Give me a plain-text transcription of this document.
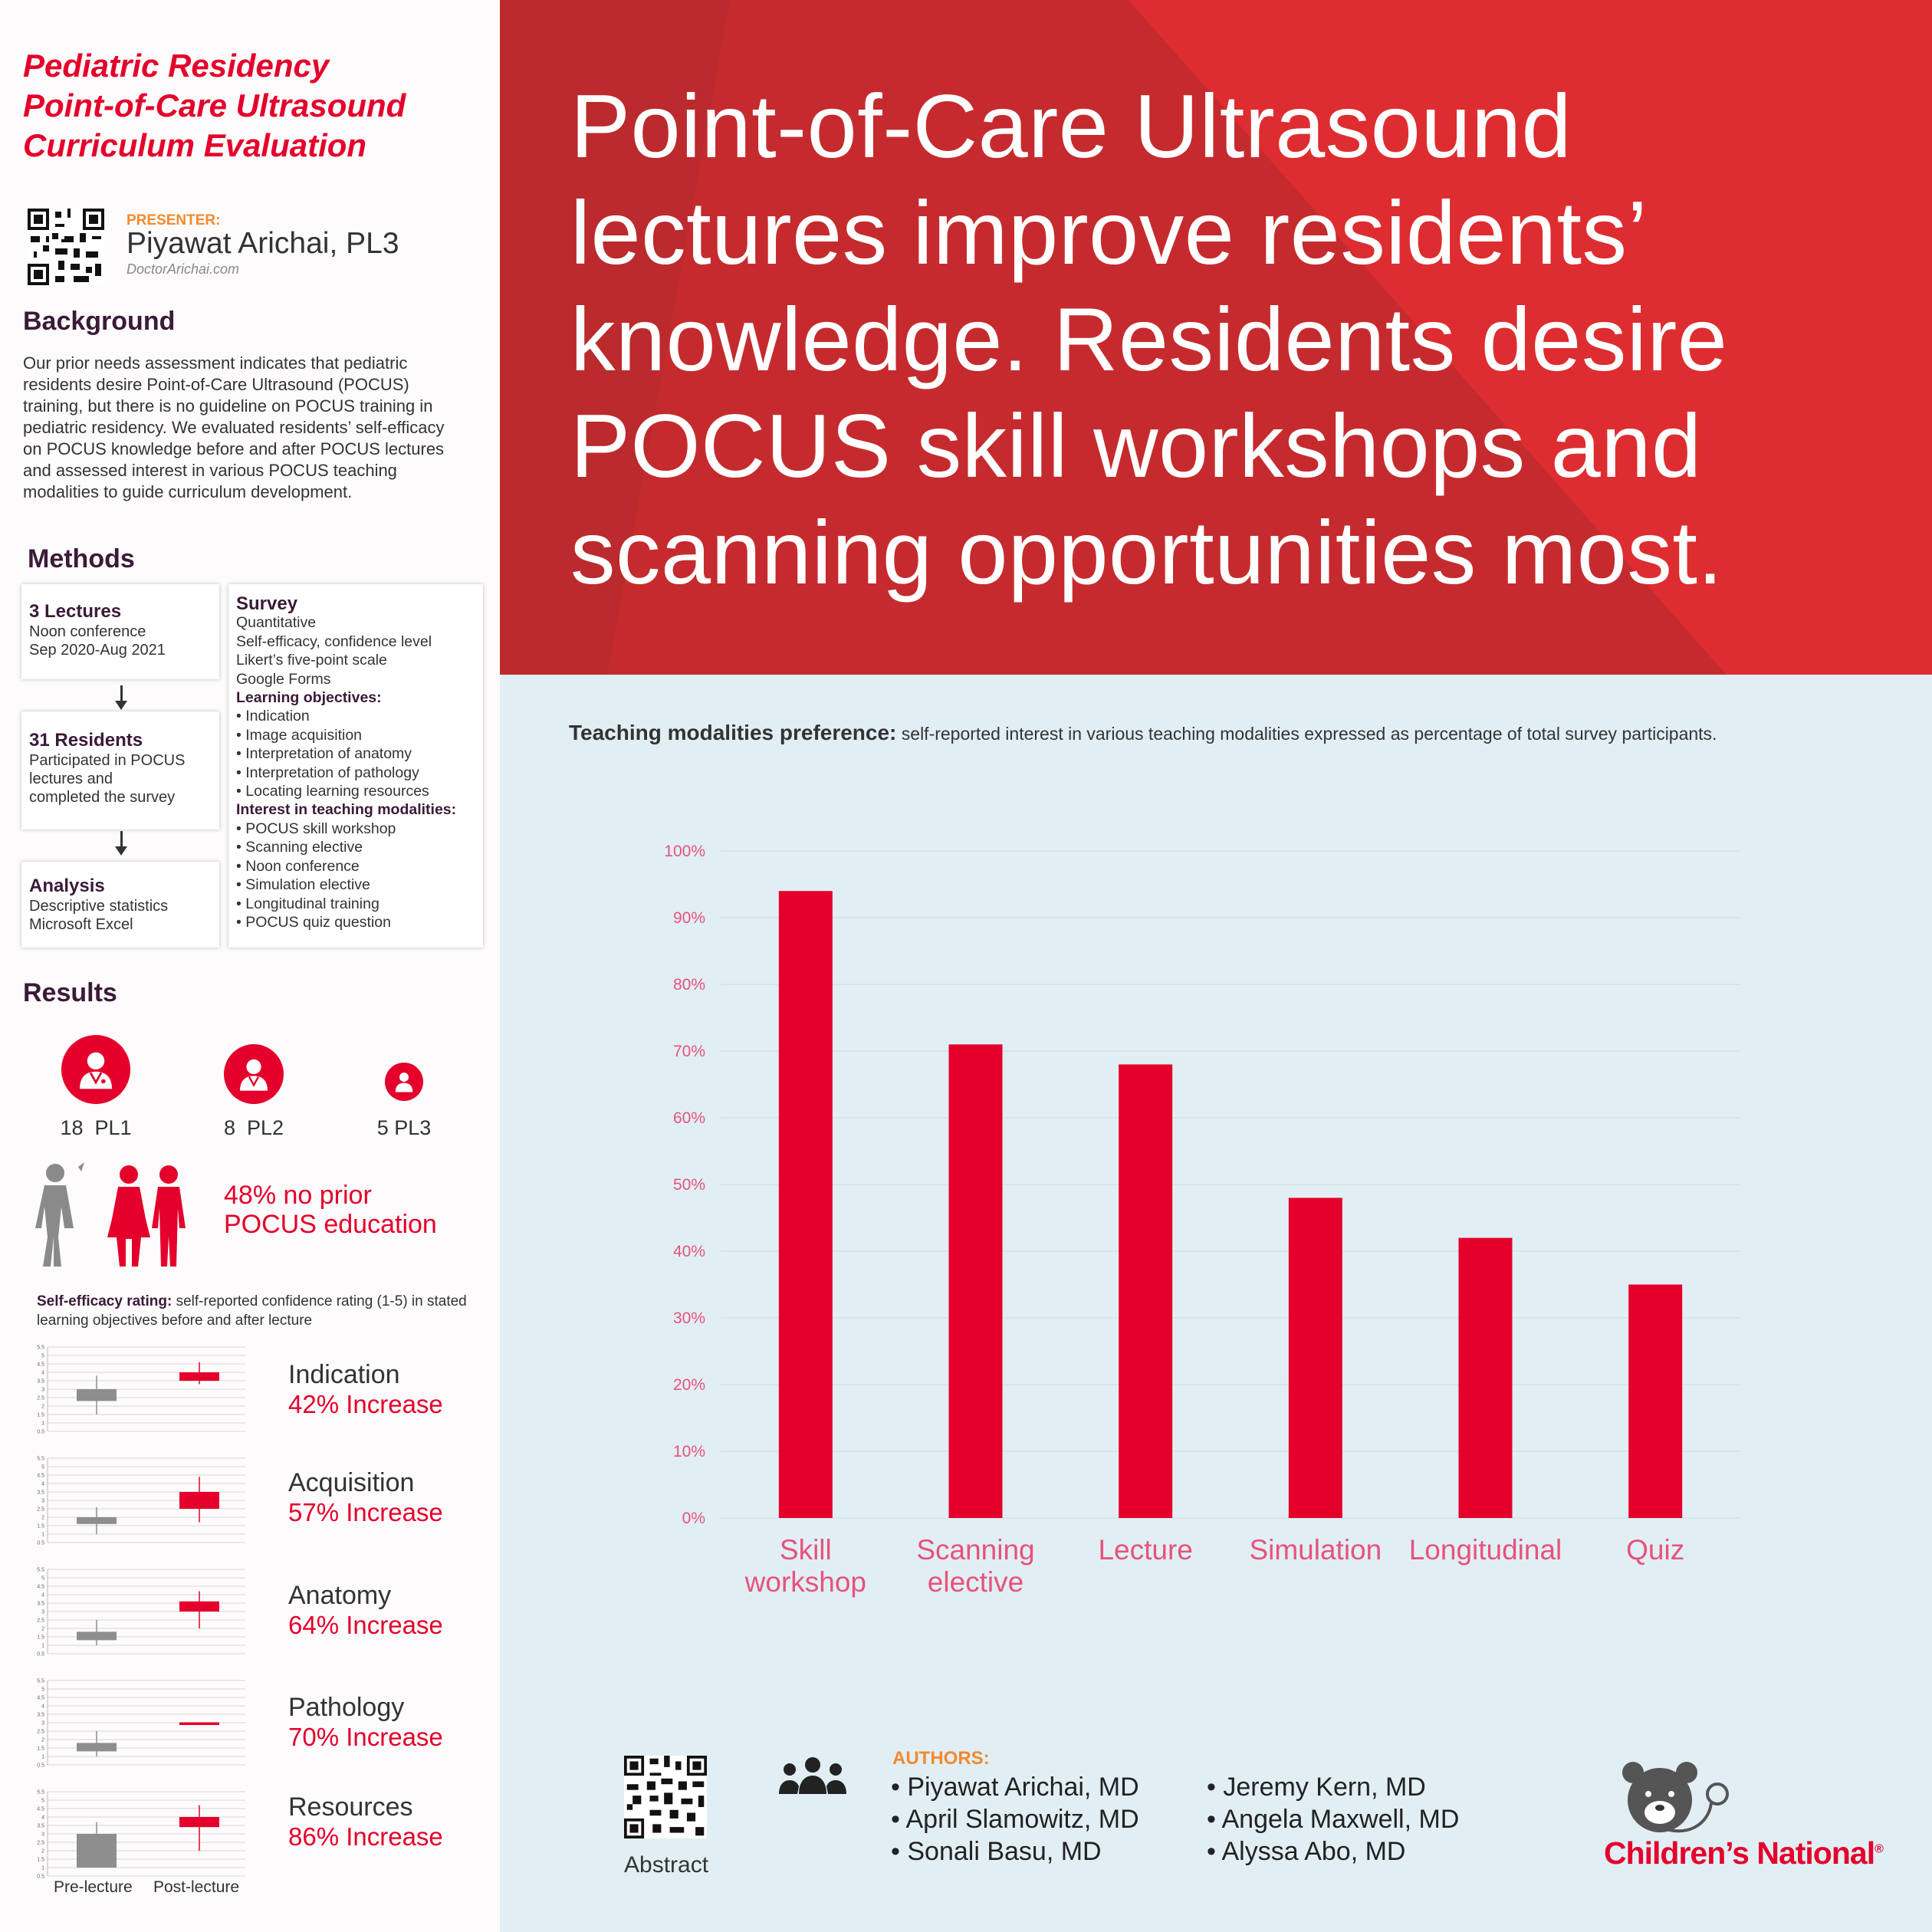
Pediatric Residency
Point-of-Care Ultrasound
Curriculum Evaluation
PRESENTER:
Piyawat Arichai, PL3
DoctorArichai.com
Background
Our prior needs assessment indicates that pediatric residents desire Point-of-Care Ultrasound (POCUS) training, but there is no guideline on POCUS training in pediatric residency. We evaluated residents’ self-efficacy on POCUS knowledge before and after POCUS lectures and assessed interest in various POCUS teaching modalities to guide curriculum development.
Methods
3 Lectures
Noon conference
Sep 2020-Aug 2021
31 Residents
Participated in POCUS
lectures and
completed the survey
Analysis
Descriptive statistics
Microsoft Excel
Survey
Quantitative
Self-efficacy, confidence level
Likert’s five-point scale
Google Forms
Learning objectives:
• Indication
• Image acquisition
• Interpretation of anatomy
• Interpretation of pathology
• Locating learning resources
Interest in teaching modalities:
• POCUS skill workshop
• Scanning elective
• Noon conference
• Simulation elective
• Longitudinal training
• POCUS quiz question
Results
18 PL1	8 PL2	5 PL3
48% no prior
POCUS education
Self-efficacy rating: self-reported confidence rating (1-5) in stated learning objectives before and after lecture
5.5
5
4.5
4
3.5
3
2.5
2
1.5
1
0.5
5.5
5
4.5
4
3.5
3
2.5
2
1.5
1
0.5
5.5
5
4.5
4
3.5
3
2.5
2
1.5
1
0.5
5.5
5
4.5
4
3.5
3
2.5
2
1.5
1
0.5
5.5
5
4.5
4
3.5
3
2.5
2
1.5
1
0.5
Indication
42% Increase
Acquisition
57% Increase
Anatomy
64% Increase
Pathology
70% Increase
Resources
86% Increase
Pre-lecture Post-lecture
Point-of-Care Ultrasound
lectures improve residents’
knowledge. Residents desire
POCUS skill workshops and
scanning opportunities most.
Teaching modalities preference: self-reported interest in various teaching modalities expressed as percentage of total survey participants.
0%
10%
20%
30%
40%
50%
60%
70%
80%
90%
100%
Skill
workshop
Scanning
elective
Lecture Simulation Longitudinal Quiz
Abstract
AUTHORS:
• Piyawat Arichai, MD
• April Slamowitz, MD
• Sonali Basu, MD
• Jeremy Kern, MD
• Angela Maxwell, MD
• Alyssa Abo, MD	Children’s National®
